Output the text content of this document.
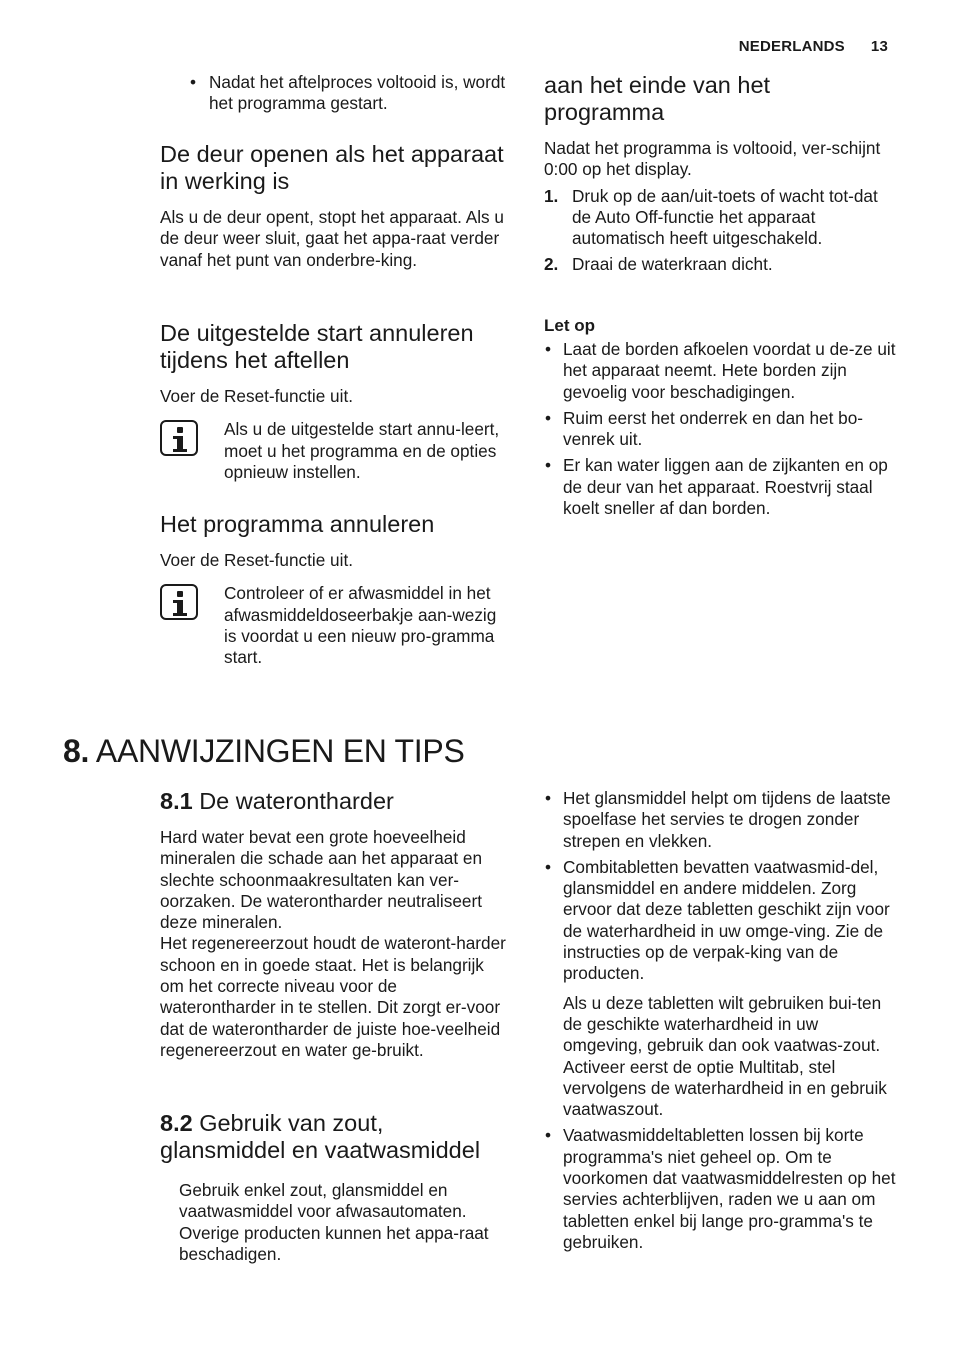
NEDERLANDS 13
• Nadat het aftelproces voltooid is, wordt het programma gestart.
De deur openen als het apparaat in werking is

Als u de deur opent, stopt het apparaat. Als u de deur weer sluit, gaat het appa-raat verder vanaf het punt van onderbre-king.

De uitgestelde start annuleren tijdens het aftellen

Voer de Reset-functie uit.

Als u de uitgestelde start annu-leert, moet u het programma en de opties opnieuw instellen.

Het programma annuleren

Voer de Reset-functie uit.

Controleer of er afwasmiddel in het afwasmiddeldoseerbakje aan-wezig is voordat u een nieuw pro-gramma start.

aan het einde van het programma

Nadat het programma is voltooid, ver-schijnt 0:00 op het display.

1. Druk op de aan/uit-toets of wacht tot-dat de Auto Off-functie het apparaat automatisch heeft uitgeschakeld.
2. Draai de waterkraan dicht.
Let op
• Laat de borden afkoelen voordat u de-ze uit het apparaat neemt. Hete borden zijn gevoelig voor beschadigingen.
• Ruim eerst het onderrek en dan het bo-venrek uit.
• Er kan water liggen aan de zijkanten en op de deur van het apparaat. Roestvrij staal koelt sneller af dan borden.
8. AANWIJZINGEN EN TIPS
8.1 De waterontharder

Hard water bevat een grote hoeveelheid mineralen die schade aan het apparaat en slechte schoonmaakresultaten kan ver-oorzaken. De waterontharder neutraliseert deze mineralen.

Het regenereerzout houdt de wateront-harder schoon en in goede staat. Het is belangrijk om het correcte niveau voor de waterontharder in te stellen. Dit zorgt er-voor dat de waterontharder de juiste hoe-veelheid regenereerzout en water ge-bruikt.

8.2 Gebruik van zout, glansmiddel en vaatwasmiddel
Gebruik enkel zout, glansmiddel en vaatwasmiddel voor afwasautomaten. Overige producten kunnen het appa-raat beschadigen.
• Het glansmiddel helpt om tijdens de laatste spoelfase het servies te drogen zonder strepen en vlekken.
• Combitabletten bevatten vaatwasmid-del, glansmiddel en andere middelen. Zorg ervoor dat deze tabletten geschikt zijn voor de waterhardheid in uw omge-ving. Zie de instructies op de verpak-king van de producten.

Als u deze tabletten wilt gebruiken bui-ten de geschikte waterhardheid in uw omgeving, gebruik dan ook vaatwas-zout. Activeer eerst de optie Multitab, stel vervolgens de waterhardheid in en gebruik vaatwaszout.

• Vaatwasmiddeltabletten lossen bij korte programma's niet geheel op. Om te voorkomen dat vaatwasmiddelresten op het servies achterblijven, raden we u aan om tabletten enkel bij lange pro-gramma's te gebruiken.
